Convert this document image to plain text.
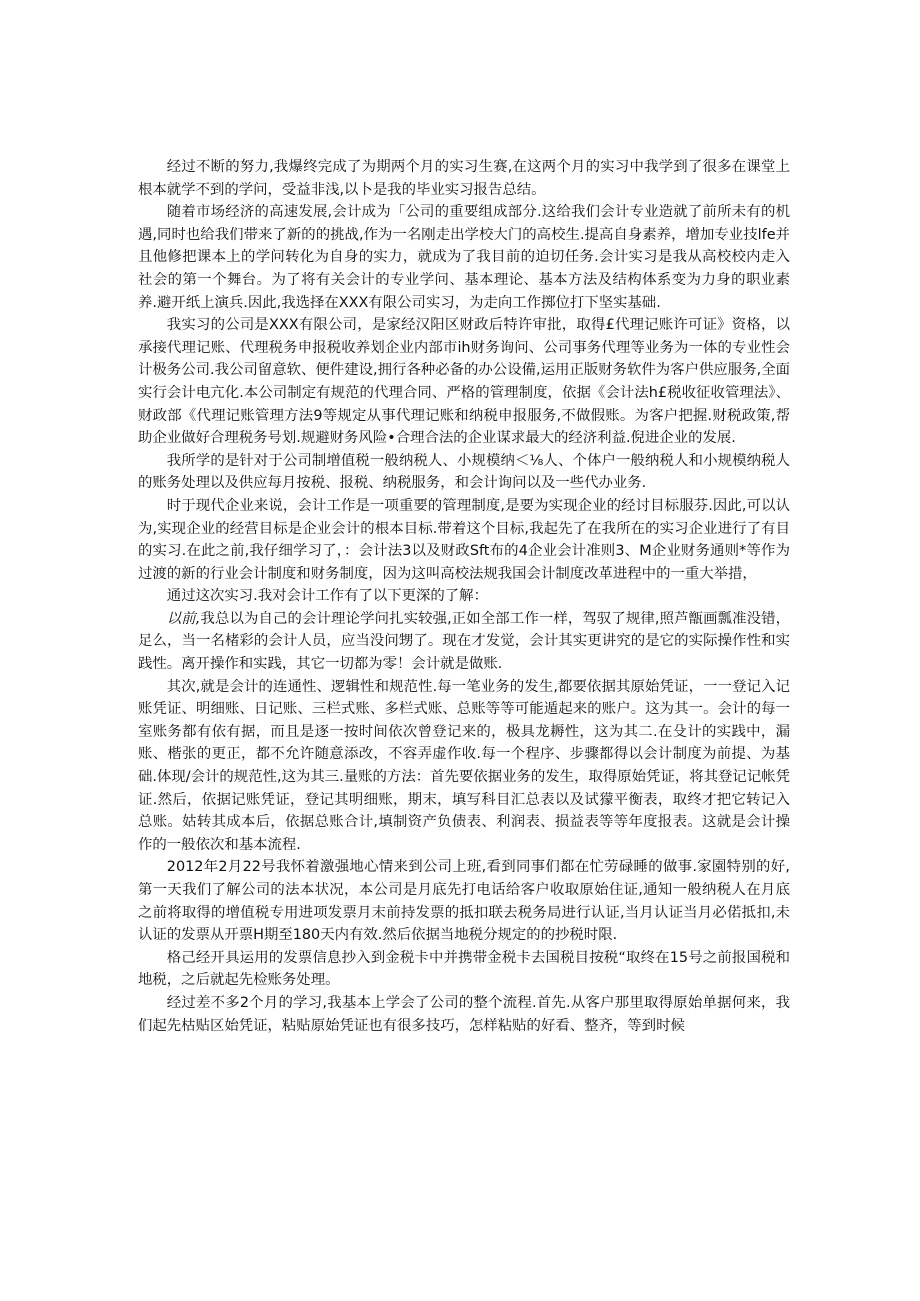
经过不断的努力,我爆终完成了为期两个月的实习生赛,在这两个月的实习中我学到了很多在课堂上根本就学不到的学问，受益非浅,以卜是我的毕业实习报告总结。

随着市场经济的高速发展,会计成为「公司的重要组成部分.这给我们会计专业造就了前所未有的机遇,同时也给我们带来了新的的挑战,作为一名刚走出学校大门的高校生.提高自身素养，增加专业技lfe并且他修把课本上的学问转化为自身的实力，就成为了我目前的迫切任务.会计实习是我从高校校内走入社会的第一个舞台。为了将有关会计的专业学问、基本理论、基本方法及结构体系变为力身的职业素养.避开纸上演兵.因此,我选择在XXX有限公司实习，为走向工作掷位打下坚实基础.

我实习的公司是XXX有限公司，是家经汉阳区财政后特许审批，取得£代理记账许可证》资格，以承接代理记账、代理税务申报税收养划企业内部市ih财务询问、公司事务代理等业务为一体的专业性会计极务公司.我公司留意软、便件建设,拥行各种必备的办公设備,运用正版财务软件为客户供应服务,全面实行会计电亢化.本公司制定有规范的代理合同、严格的管理制度，依据《会计法h£税收征收管理法》、财政部《代理记账管理方法9等规定从事代理记账和纳税申报服务,不做假账。为客户把握.财税政策,帮助企业做好合理税务号划.规避财务风险•合理合法的企业谋求最大的经济利益.倪进企业的发展.

我所学的是针对于公司制增值税一般纳税人、小规模纳＜⅛人、个体户一般纳税人和小规模纳税人的账务处理以及供应每月按税、报税、纳税服务，和会计询问以及一些代办业务.

时于现代企业来说，会计工作是一项重要的管理制度,是要为实现企业的经讨目标服芬.因此,可以认为,实现企业的经营目标是企业会计的根本目标.带着这个目标,我起先了在我所在的实习企业进行了有目的实习.在此之前,我仔细学习了，：会计法3以及财政Sft布的4企业会计准则3、M企业财务通则*等作为过渡的新的行业会计制度和财务制度，因为这叫高校法规我国会计制度改革进程中的一重大举措，

通过这次实习.我对会计工作有了以下更深的了解：

以前,我总以为自己的会计理论学问扎实较强,正如全部工作一样，驾驭了规律,照芦甑画瓢准没错，足么，当一名楮彩的会计人员，应当没问甥了。现在才发觉，会计其实更讲究的是它的实际操作性和实践性。离开操作和实践，其它一切都为零！会计就是做账.

其次,就是会计的连通性、逻辑性和规范性.每一笔业务的发生,都要依据其原始凭证，一一登记入记账凭证、明细账、日记账、三栏式账、多栏式账、总账等等可能遁起来的账户。这为其一。会计的每一室账务都有依有据，而且是逐一按时间依次曾登记来的，极具龙耨性，这为其二.在殳计的实践中，漏账、楷张的更正，都不允许随意添改，不容弄虚作收.每一个程序、步骤都得以会计制度为前提、为基础.体现/会计的规范性,这为其三.量账的方法：首先要依据业务的发生，取得原始凭证，将其登记记帐凭证.然后，依据记账凭证，登记其明细账，期末，填写科目汇总表以及试獴平衡表，取终才把它转记入总账。姑转其成本后，依据总账合计,填制资产负债表、利润表、损益表等等年度报表。这就是会计操作的一般依次和基本流程.

2012年2月22号我怀着激强地心情来到公司上班,看到同事们都在忙劳碌睡的做事.家園特别的好,第一天我们了解公司的法本状况，本公司是月底先打电话给客户收取原始住证,通知一般纳税人在月底之前将取得的增值税专用进项发票月末前持发票的抵扣联去税务局进行认证,当月认证当月必偌抵扣,未认证的发票从开票H期至180天内有效.然后依据当地税分规定的的抄税时限.

格己经开具运用的发票信息抄入到金税卡中并携带金税卡去国税目按税“取终在15号之前报国税和地税，之后就起先检账务处理。

经过差不多2个月的学习,我基本上学会了公司的整个流程.首先.从客户那里取得原始单据何来，我们起先枯贴区始凭证，粘贴原始凭证也有很多技巧，怎样粘贴的好看、整齐，等到时候
